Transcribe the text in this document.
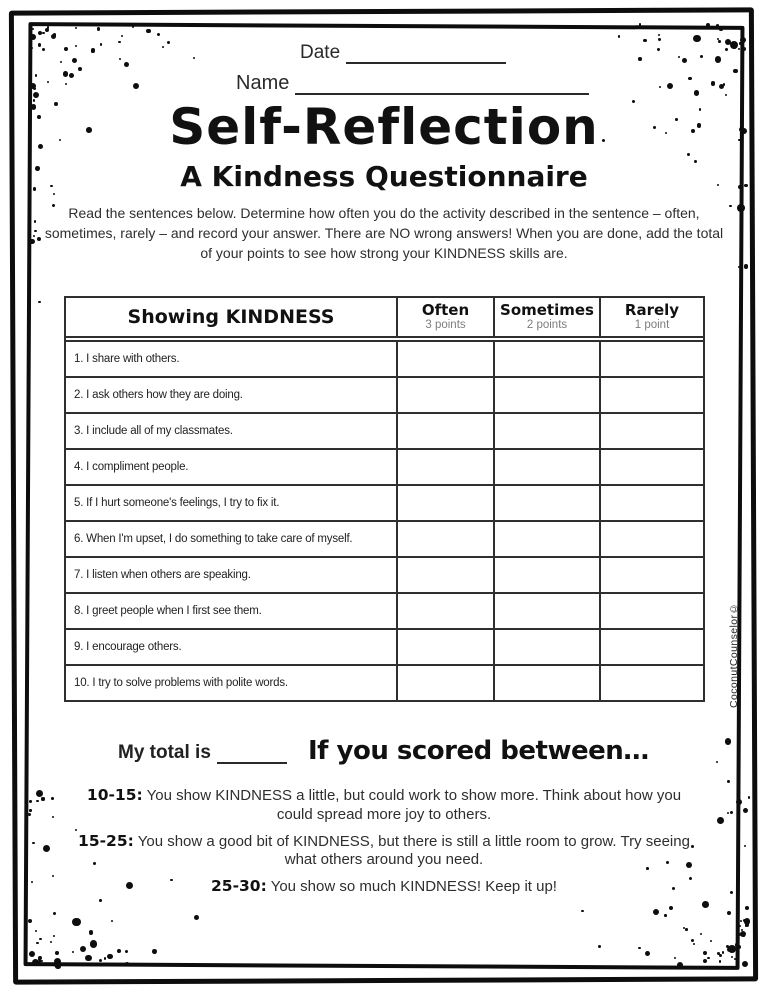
Date
Name
Self-Reflection
A Kindness Questionnaire
Read the sentences below. Determine how often you do the activity described in the sentence – often, sometimes, rarely – and record your answer. There are NO wrong answers! When you are done, add the total of your points to see how strong your KINDNESS skills are.
Showing KINDNESS	Often
3 points
Sometimes
2 points
Rarely
1 point
1. I share with others.
2. I ask others how they are doing.
3. I include all of my classmates.
4. I compliment people.
5. If I hurt someone's feelings, I try to fix it.
6. When I'm upset, I do something to take care of myself.
7. I listen when others are speaking.
8. I greet people when I first see them.
9. I encourage others.
10. I try to solve problems with polite words.
My total is	If you scored between…

10-15: You show KINDNESS a little, but could work to show more. Think about how you could spread more joy to others.

15-25: You show a good bit of KINDNESS, but there is still a little room to grow. Try seeing what others around you need.

25-30: You show so much KINDNESS! Keep it up!

CoconutCounselor©
